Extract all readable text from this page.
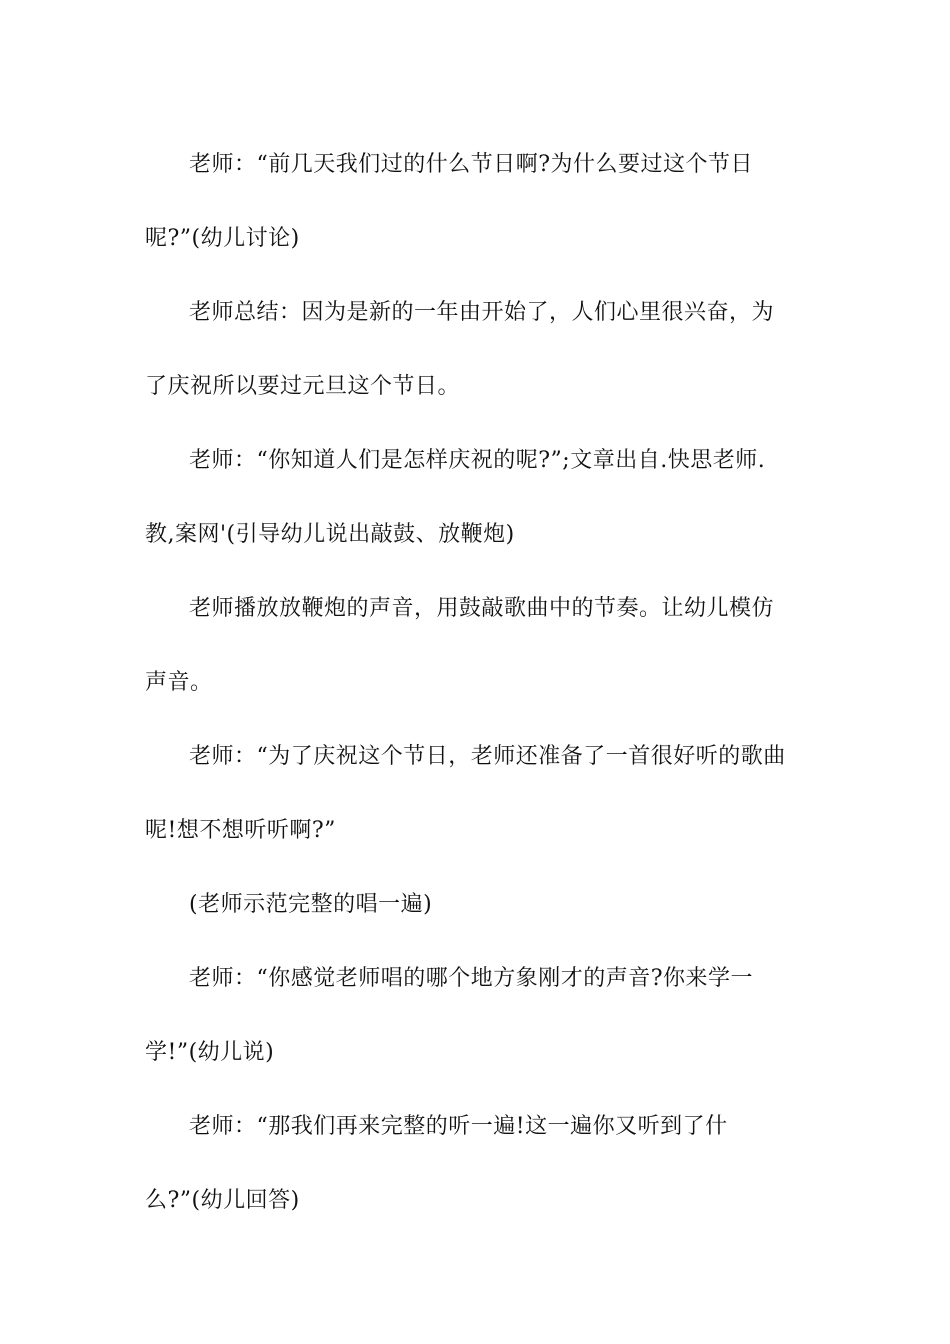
老师：“前几天我们过的什么节日啊?为什么要过这个节日呢?”(幼儿讨论)

老师总结：因为是新的一年由开始了，人们心里很兴奋，为了庆祝所以要过元旦这个节日。

老师：“你知道人们是怎样庆祝的呢?”;文章出自.快思老师.教,案网'(引导幼儿说出敲鼓、放鞭炮)

老师播放放鞭炮的声音，用鼓敲歌曲中的节奏。让幼儿模仿声音。

老师：“为了庆祝这个节日，老师还准备了一首很好听的歌曲呢!想不想听听啊?”

(老师示范完整的唱一遍)

老师：“你感觉老师唱的哪个地方象刚才的声音?你来学一学!”(幼儿说)

老师：“那我们再来完整的听一遍!这一遍你又听到了什么?”(幼儿回答)
